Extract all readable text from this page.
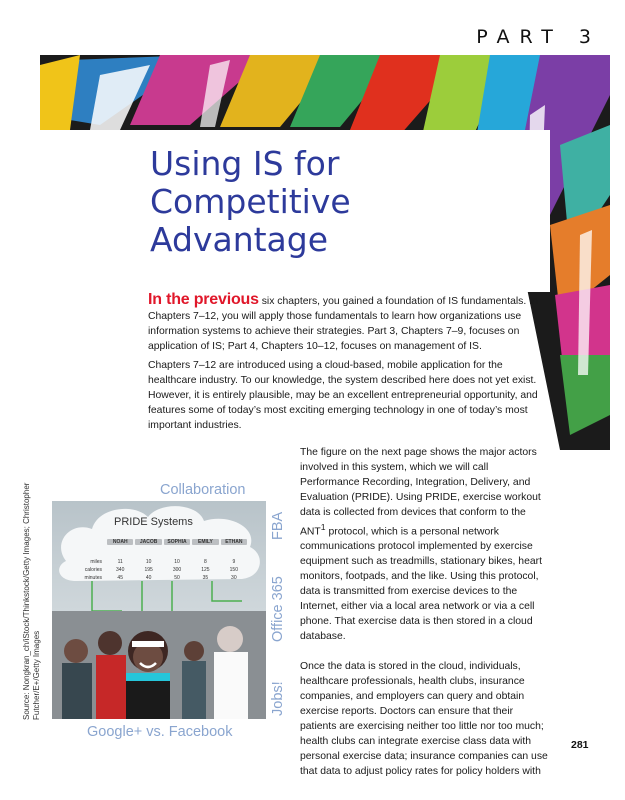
PART 3
Using IS for
Competitive
Advantage

In the previous six chapters, you gained a foundation of IS fundamentals. In Chapters 7–12, you will apply those fundamentals to learn how organizations use information systems to achieve their strategies. Part 3, Chapters 7–9, focuses on application of IS; Part 4, Chapters 10–12, focuses on management of IS.

Chapters 7–12 are introduced using a cloud-based, mobile application for the healthcare industry. To our knowledge, the system described here does not yet exist. However, it is entirely plausible, may be an excellent entrepreneurial opportunity, and features some of today’s most exciting emerging technology in one of today’s most important industries.

The figure on the next page shows the major actors involved in this system, which we will call Performance Recording, Integration, Delivery, and Evaluation (PRIDE). Using PRIDE, exercise workout data is collected from devices that conform to the ANT$^1$ protocol, which is a personal network communications protocol implemented by exercise equipment such as treadmills, stationary bikes, heart monitors, footpads, and the like. Using this protocol, data is transmitted from exercise devices to the Internet, either via a local area network or via a cell phone. That exercise data is then stored in a cloud database.

Once the data is stored in the cloud, individuals, healthcare professionals, health clubs, insurance companies, and employers can query and obtain exercise reports. Doctors can ensure that their patients are exercising neither too little nor too much; health clubs can integrate exercise class data with personal exercise data; insurance companies can use that data to adjust policy rates for policy holders with

Source: Nongkran_ch/iStock/Thinkstock/Getty Images; Christopher Futcher/E+/Getty Images
Collaboration
PRIDE Systems
NOAH	JACOB	SOPHIA	EMILY	ETHAN
miles	11	10	10	8	9
calories	340	195	300	125	150
minutes	45	40	50	35	30
FBA
Office 365
Jobs!
Google+ vs. Facebook
281
